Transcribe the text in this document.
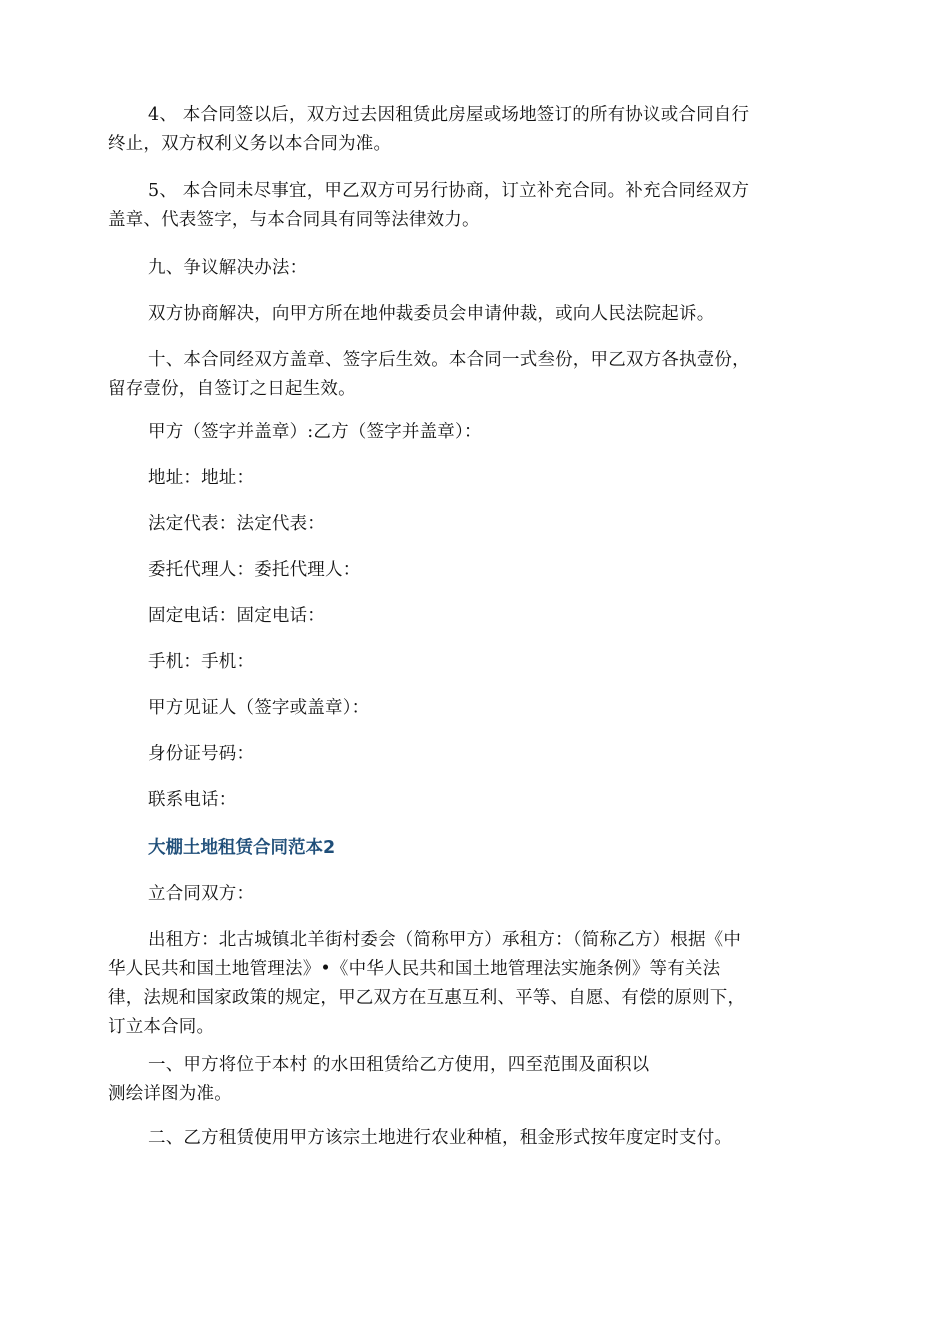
4、 本合同签以后，双方过去因租赁此房屋或场地签订的所有协议或合同自行
终止，双方权利义务以本合同为准。

5、 本合同未尽事宜，甲乙双方可另行协商，订立补充合同。补充合同经双方
盖章、代表签字，与本合同具有同等法律效力。

九、争议解决办法：

双方协商解决，向甲方所在地仲裁委员会申请仲裁，或向人民法院起诉。

十、本合同经双方盖章、签字后生效。本合同一式叁份，甲乙双方各执壹份，
留存壹份，自签订之日起生效。

甲方（签字并盖章）:乙方（签字并盖章）：

地址：地址：

法定代表：法定代表：

委托代理人：委托代理人：

固定电话：固定电话：

手机：手机：

甲方见证人（签字或盖章）：

身份证号码：

联系电话：

大棚土地租赁合同范本2

立合同双方：

出租方：北古城镇北羊街村委会（简称甲方）承租方：（简称乙方）根据《中
华人民共和国土地管理法》•《中华人民共和国土地管理法实施条例》等有关法
律，法规和国家政策的规定，甲乙双方在互惠互利、平等、自愿、有偿的原则下，
订立本合同。

一、甲方将位于本村 的水田租赁给乙方使用，四至范围及面积以
测绘详图为准。

二、乙方租赁使用甲方该宗土地进行农业种植，租金形式按年度定时支付。
